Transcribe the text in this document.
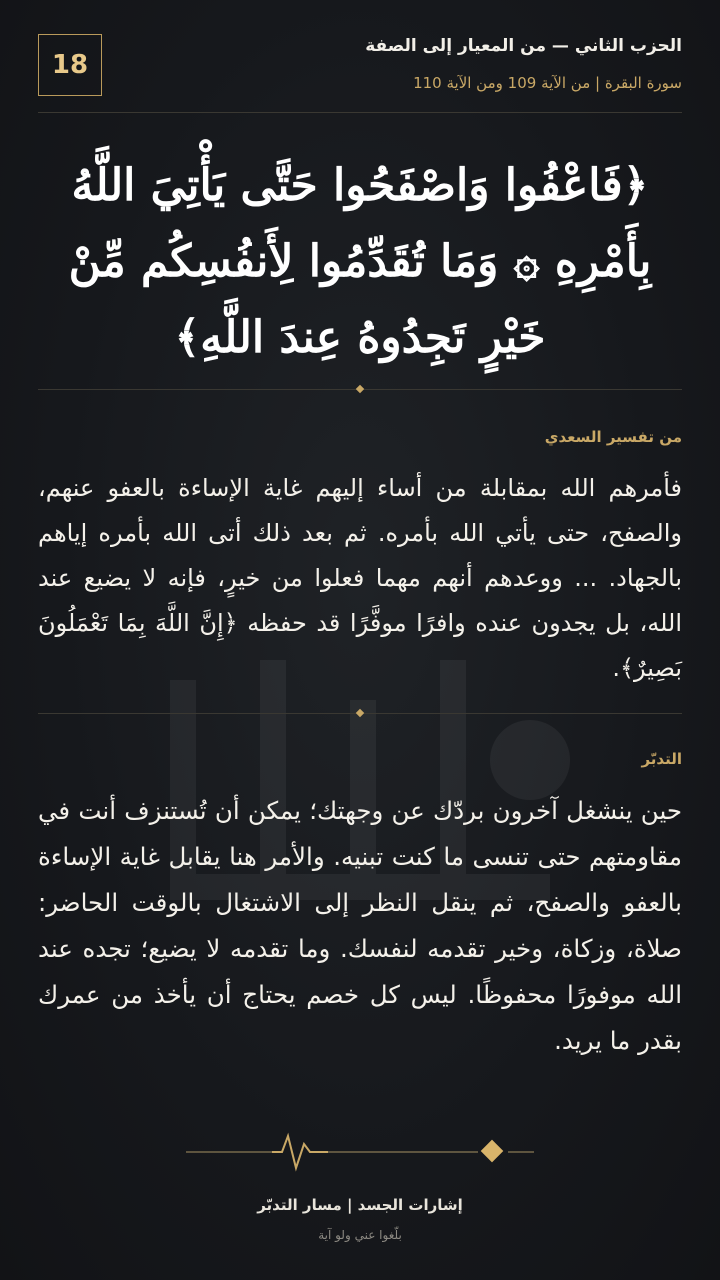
18
الحزب الثاني — من المعيار إلى الصفة
سورة البقرة | من الآية 109 ومن الآية 110
﴿فَاعْفُوا وَاصْفَحُوا حَتَّى يَأْتِيَ اللَّهُ بِأَمْرِهِ ۞ وَمَا تُقَدِّمُوا لِأَنفُسِكُم مِّنْ خَيْرٍ تَجِدُوهُ عِندَ اللَّهِ﴾
من تفسير السعدي
فأمرهم الله بمقابلة من أساء إليهم غاية الإساءة بالعفو عنهم، والصفح، حتى يأتي الله بأمره. ثم بعد ذلك أتى الله بأمره إياهم بالجهاد. ... ووعدهم أنهم مهما فعلوا من خيرٍ، فإنه لا يضيع عند الله، بل يجدون عنده وافرًا موفَّرًا قد حفظه ﴿إِنَّ اللَّهَ بِمَا تَعْمَلُونَ بَصِيرٌ﴾.
التدبّر
حين ينشغل آخرون بردّك عن وجهتك؛ يمكن أن تُستنزف أنت في مقاومتهم حتى تنسى ما كنت تبنيه. والأمر هنا يقابل غاية الإساءة بالعفو والصفح، ثم ينقل النظر إلى الاشتغال بالوقت الحاضر: صلاة، وزكاة، وخير تقدمه لنفسك. وما تقدمه لا يضيع؛ تجده عند الله موفورًا محفوظًا. ليس كل خصم يحتاج أن يأخذ من عمرك بقدر ما يريد.
إشارات الجسد | مسار التدبّر
بلّغوا عني ولو آية
